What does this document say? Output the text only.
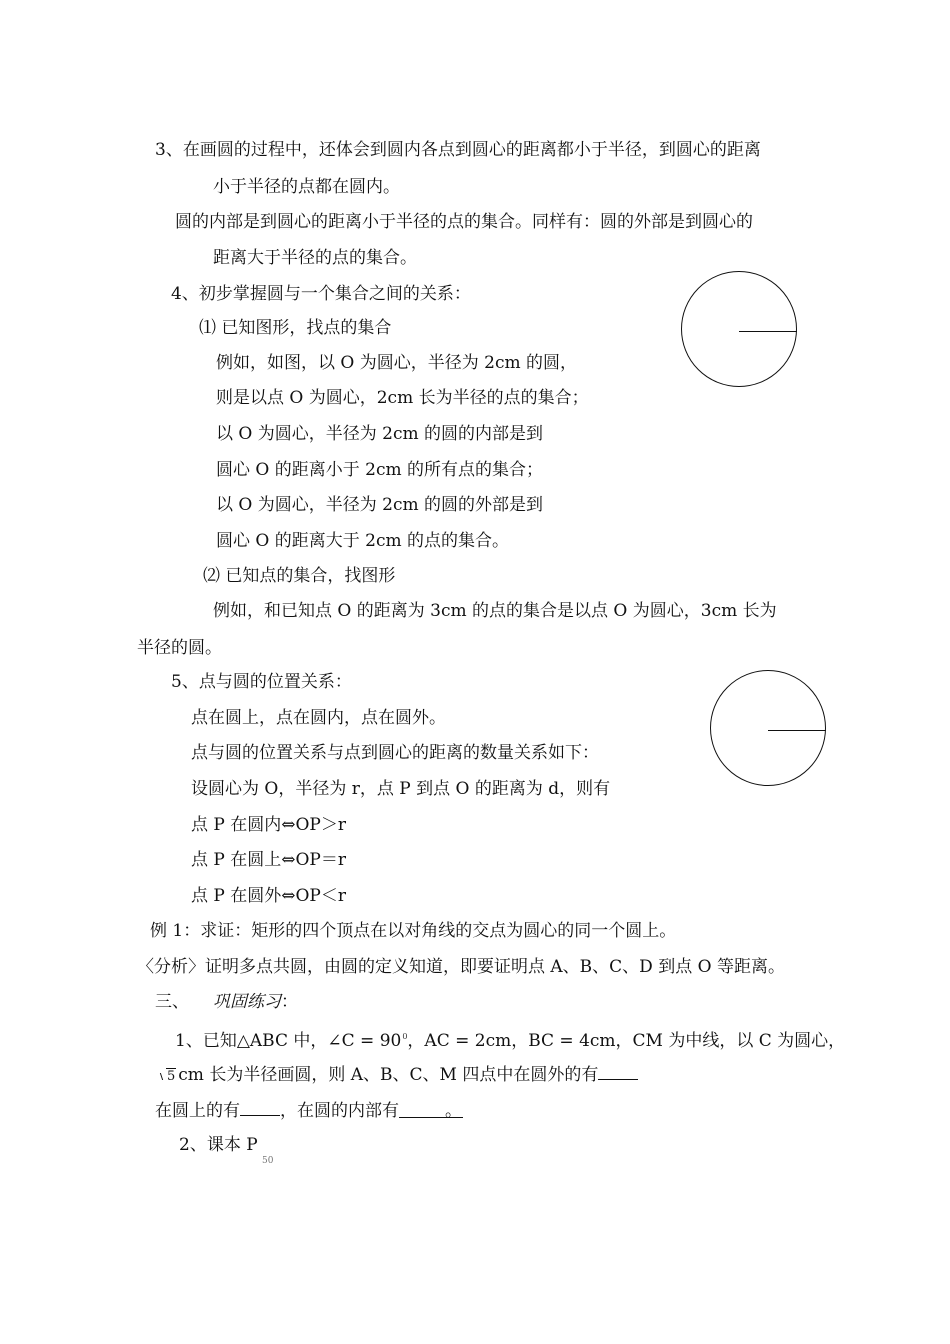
3、在画圆的过程中，还体会到圆内各点到圆心的距离都小于半径，到圆心的距离
小于半径的点都在圆内。
圆的内部是到圆心的距离小于半径的点的集合。同样有：圆的外部是到圆心的
距离大于半径的点的集合。
4、初步掌握圆与一个集合之间的关系：
⑴ 已知图形，找点的集合
例如，如图，以 O 为圆心，半径为 2cm 的圆，
则是以点 O 为圆心，2cm 长为半径的点的集合；
以 O 为圆心，半径为 2cm 的圆的内部是到
圆心 O 的距离小于 2cm 的所有点的集合；
以 O 为圆心，半径为 2cm 的圆的外部是到
圆心 O 的距离大于 2cm 的点的集合。
⑵ 已知点的集合，找图形
例如，和已知点 O 的距离为 3cm 的点的集合是以点 O 为圆心，3cm 长为
半径的圆。
5、点与圆的位置关系：
点在圆上，点在圆内，点在圆外。
点与圆的位置关系与点到圆心的距离的数量关系如下：
设圆心为 O，半径为 r，点 P 到点 O 的距离为 d，则有
点 P 在圆内⇔OP＞r
点 P 在圆上⇔OP＝r
点 P 在圆外⇔OP＜r
例 1：求证：矩形的四个顶点在以对角线的交点为圆心的同一个圆上。
〈分析〉证明多点共圆，由圆的定义知道，即要证明点 A、B、C、D 到点 O 等距离。
三、 巩固练习：
1、已知△ABC 中，∠C = $90^0$，AC = 2cm，BC = 4cm，CM 为中线，以 C 为圆心，
5 cm 长为半径画圆，则 A、B、C、M 四点中在圆外的有
在圆上的有 ，在圆的内部有	。
2、课本 P
50
